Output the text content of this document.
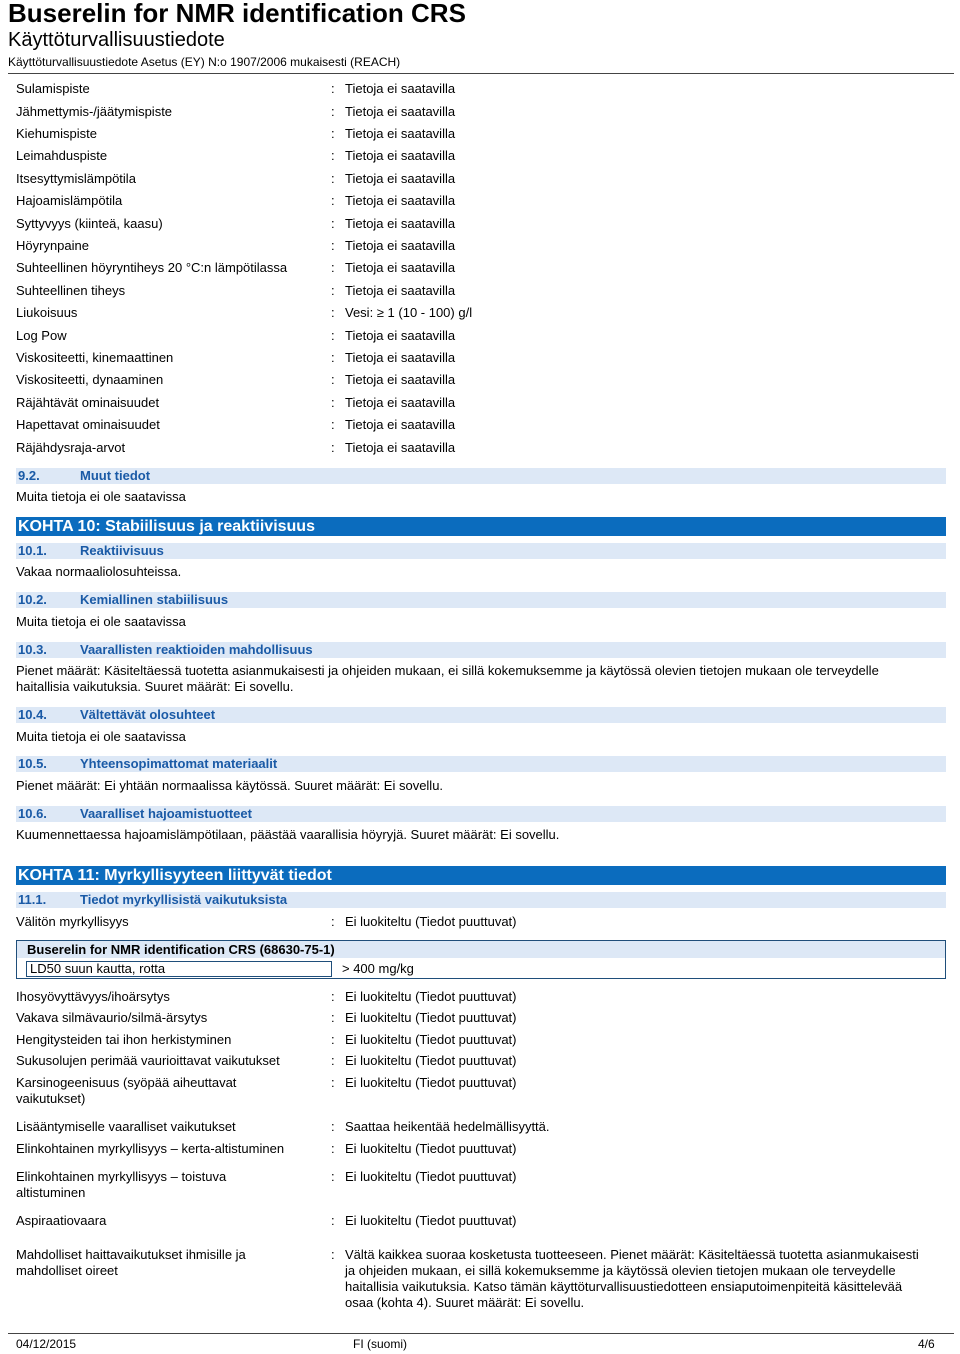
Buserelin for NMR identification CRS
Käyttöturvallisuustiedote
Käyttöturvallisuustiedote Asetus (EY) N:o 1907/2006 mukaisesti (REACH)
Sulamispiste	: Tietoja ei saatavilla
Jähmettymis-/jäätymispiste	: Tietoja ei saatavilla
Kiehumispiste	: Tietoja ei saatavilla
Leimahduspiste	: Tietoja ei saatavilla
Itsesyttymislämpötila	: Tietoja ei saatavilla
Hajoamislämpötila	: Tietoja ei saatavilla
Syttyvyys (kiinteä, kaasu)	: Tietoja ei saatavilla
Höyrynpaine	: Tietoja ei saatavilla
Suhteellinen höyryntiheys 20 °C:n lämpötilassa	: Tietoja ei saatavilla
Suhteellinen tiheys	: Tietoja ei saatavilla
Liukoisuus	: Vesi: ≥ 1 (10 - 100) g/l
Log Pow	: Tietoja ei saatavilla
Viskositeetti, kinemaattinen	: Tietoja ei saatavilla
Viskositeetti, dynaaminen	: Tietoja ei saatavilla
Räjähtävät ominaisuudet	: Tietoja ei saatavilla
Hapettavat ominaisuudet	: Tietoja ei saatavilla
Räjähdysraja-arvot	: Tietoja ei saatavilla
9.2.	Muut tiedot
Muita tietoja ei ole saatavissa
KOHTA 10: Stabiilisuus ja reaktiivisuus
10.1.	Reaktiivisuus
Vakaa normaaliolosuhteissa.
10.2.	Kemiallinen stabiilisuus
Muita tietoja ei ole saatavissa
10.3.	Vaarallisten reaktioiden mahdollisuus
Pienet määrät: Käsiteltäessä tuotetta asianmukaisesti ja ohjeiden mukaan, ei sillä kokemuksemme ja käytössä olevien tietojen mukaan ole terveydelle haitallisia vaikutuksia. Suuret määrät: Ei sovellu.
10.4.	Vältettävät olosuhteet
Muita tietoja ei ole saatavissa
10.5.	Yhteensopimattomat materiaalit
Pienet määrät: Ei yhtään normaalissa käytössä. Suuret määrät: Ei sovellu.
10.6.	Vaaralliset hajoamistuotteet
Kuumennettaessa hajoamislämpötilaan, päästää vaarallisia höyryjä. Suuret määrät: Ei sovellu.
KOHTA 11: Myrkyllisyyteen liittyvät tiedot
11.1.	Tiedot myrkyllisistä vaikutuksista
Välitön myrkyllisyys	: Ei luokiteltu (Tiedot puuttuvat)
Buserelin for NMR identification CRS (68630-75-1)
LD50 suun kautta, rotta	> 400 mg/kg
Ihosyövyttävyys/ihoärsytys	: Ei luokiteltu (Tiedot puuttuvat)
Vakava silmävaurio/silmä-ärsytys	: Ei luokiteltu (Tiedot puuttuvat)
Hengitysteiden tai ihon herkistyminen	: Ei luokiteltu (Tiedot puuttuvat)
Sukusolujen perimää vaurioittavat vaikutukset	: Ei luokiteltu (Tiedot puuttuvat)
Karsinogeenisuus (syöpää aiheuttavat vaikutukset)
: Ei luokiteltu (Tiedot puuttuvat)
Lisääntymiselle vaaralliset vaikutukset	: Saattaa heikentää hedelmällisyyttä.
Elinkohtainen myrkyllisyys – kerta-altistuminen	: Ei luokiteltu (Tiedot puuttuvat)
Elinkohtainen myrkyllisyys – toistuva altistuminen
: Ei luokiteltu (Tiedot puuttuvat)
Aspiraatiovaara	: Ei luokiteltu (Tiedot puuttuvat)
Mahdolliset haittavaikutukset ihmisille ja mahdolliset oireet
: Vältä kaikkea suoraa kosketusta tuotteeseen. Pienet määrät: Käsiteltäessä tuotetta asianmukaisesti ja ohjeiden mukaan, ei sillä kokemuksemme ja käytössä olevien tietojen mukaan ole terveydelle haitallisia vaikutuksia. Katso tämän käyttöturvallisuustiedotteen ensiaputoimenpiteitä käsittelevää osaa (kohta 4). Suuret määrät: Ei sovellu.
04/12/2015	FI (suomi)	4/6
